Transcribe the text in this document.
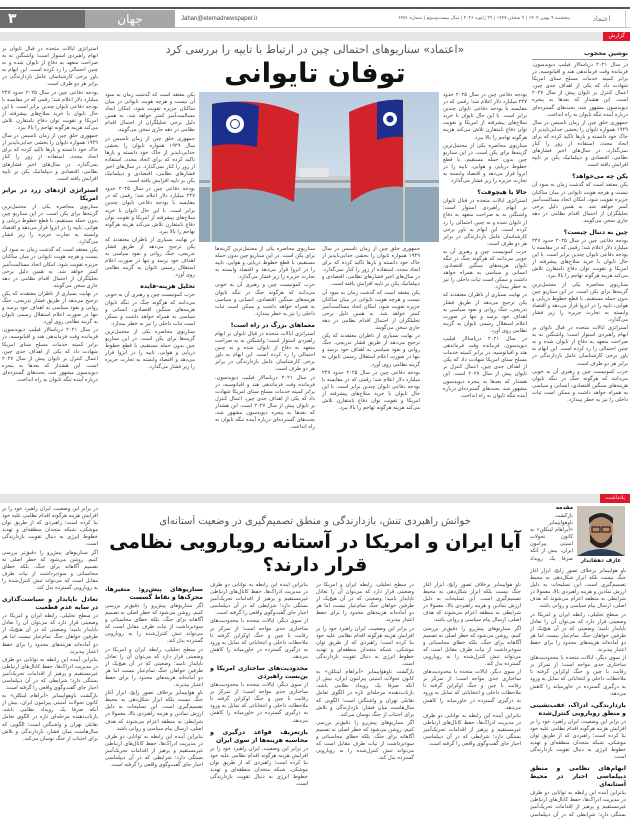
۳	جهان	Jahan@etemadnewspaper.ir	پنجشنبه ۹ بهمن ۱۴۰۴ | ۹ شعبان ۱۴۴۷ | ۲۹ ژانویه ۲۰۲۶ | سال بیست‌وسوم | شماره ۶۴۵۱	اعتماد
گزارش
«اعتماد» سناریوهای احتمالی چین در ارتباط با تایپه را بررسی کرد
توفان تایوانی
نوشین محجوب

در سال ۲۰۲۱ دریاسالار فیلیپ دیویدسون، فرمانده وقت فرماندهی هند و اقیانوسیه، در برابر کمیته خدمات مسلح سنای امریکا شهادت داد که یکی از اهداف جدی چین، اعمال کنترل بر تایوان پیش از سال ۲۰۲۷ است. این هشدار که بعدها به پنجره دیویدسون مشهور شد، بحث‌های گسترده‌ای درباره آینده تنگه تایوان به راه انداخت.

جمهوری خلق چین از زمان تاسیس در سال ۱۹۴۹ همواره تایوان را بخشی جدایی‌ناپذیر از خاک خود دانسته و بارها تاکید کرده که برای اتحاد مجدد، استفاده از زور را کنار نمی‌گذارد. در سال‌های اخیر فشارهای نظامی، اقتصادی و دیپلماتیک پکن بر تایپه افزایش یافته است.

پکن چه می‌خواهد؟

پکن معتقد است که گذشت زمان به سود آن نیست و هرچه هویت تایوانی در میان ساکنان جزیره تقویت شود، امکان اتحاد مسالمت‌آمیز کمتر خواهد شد. به همین دلیل برخی تحلیلگران از احتمال اقدام نظامی در دهه جاری سخن می‌گویند.

چین به دنبال چیست؟

بودجه دفاعی چین در سال ۲۰۲۵ حدود ۲۴۷ میلیارد دلار اعلام شد؛ رقمی که در مقایسه با بودجه دفاعی تایوان چندین برابر است. با این حال تایوان با خرید سلاح‌های پیشرفته از امریکا و تقویت توان دفاع نامتقارن تلاش می‌کند هزینه هرگونه تهاجم را بالا ببرد.

سناریوی محاصره یکی از محتمل‌ترین گزینه‌ها برای پکن است. در این سناریو چین بدون حمله مستقیم، با قطع خطوط دریایی و هوایی، تایپه را در انزوا قرار می‌دهد و اقتصاد وابسته به تجارت جزیره را زیر فشار می‌گذارد.

استراتژی ایالات متحده در قبال تایوان بر ابهام راهبردی استوار است؛ واشنگتن نه به صراحت متعهد به دفاع از تایوان شده و نه چنین احتمالی را رد کرده است. این ابهام به باور برخی کارشناسان عامل بازدارندگی در برابر هر دو طرف است.

حزب کمونیست چین و رهبری آن به خوبی می‌دانند که هرگونه جنگ در تنگه تایوان هزینه‌های سنگین اقتصادی، انسانی و سیاسی به همراه خواهد داشت و ممکن است ثبات داخلی را نیز به خطر بیندازد.

بودجه دفاعی چین در سال ۲۰۲۵ حدود ۲۴۷ میلیارد دلار اعلام شد؛ رقمی که در مقایسه با بودجه دفاعی تایوان چندین برابر است. با این حال تایوان با خرید سلاح‌های پیشرفته از امریکا و تقویت توان دفاع نامتقارن تلاش می‌کند هزینه هرگونه تهاجم را بالا ببرد.

سناریوی محاصره یکی از محتمل‌ترین گزینه‌ها برای پکن است. در این سناریو چین بدون حمله مستقیم، با قطع خطوط دریایی و هوایی، تایپه را در انزوا قرار می‌دهد و اقتصاد وابسته به تجارت جزیره را زیر فشار می‌گذارد.

حالا یا هیچوقت؟

استراتژی ایالات متحده در قبال تایوان بر ابهام راهبردی استوار است؛ واشنگتن نه به صراحت متعهد به دفاع از تایوان شده و نه چنین احتمالی را رد کرده است. این ابهام به باور برخی کارشناسان عامل بازدارندگی در برابر هر دو طرف است.

حزب کمونیست چین و رهبری آن به خوبی می‌دانند که هرگونه جنگ در تنگه تایوان هزینه‌های سنگین اقتصادی، انسانی و سیاسی به همراه خواهد داشت و ممکن است ثبات داخلی را نیز به خطر بیندازد.

در نهایت بسیاری از ناظران معتقدند که پکن ترجیح می‌دهد از طریق فشار تدریجی، جنگ روانی و نفوذ سیاسی به اهداف خود برسد و تنها در صورت اعلام استقلال رسمی تایوان به گزینه نظامی روی آورد.

در سال ۲۰۲۱ دریاسالار فیلیپ دیویدسون، فرمانده وقت فرماندهی هند و اقیانوسیه، در برابر کمیته خدمات مسلح سنای امریکا شهادت داد که یکی از اهداف جدی چین، اعمال کنترل بر تایوان پیش از سال ۲۰۲۷ است. این هشدار که بعدها به پنجره دیویدسون مشهور شد، بحث‌های گسترده‌ای درباره آینده تنگه تایوان به راه انداخت.

جمهوری خلق چین از زمان تاسیس در سال ۱۹۴۹ همواره تایوان را بخشی جدایی‌ناپذیر از خاک خود دانسته و بارها تاکید کرده که برای اتحاد مجدد، استفاده از زور را کنار نمی‌گذارد. در سال‌های اخیر فشارهای نظامی، اقتصادی و دیپلماتیک پکن بر تایپه افزایش یافته است.

پکن معتقد است که گذشت زمان به سود آن نیست و هرچه هویت تایوانی در میان ساکنان جزیره تقویت شود، امکان اتحاد مسالمت‌آمیز کمتر خواهد شد. به همین دلیل برخی تحلیلگران از احتمال اقدام نظامی در دهه جاری سخن می‌گویند.

در نهایت بسیاری از ناظران معتقدند که پکن ترجیح می‌دهد از طریق فشار تدریجی، جنگ روانی و نفوذ سیاسی به اهداف خود برسد و تنها در صورت اعلام استقلال رسمی تایوان به گزینه نظامی روی آورد.

بودجه دفاعی چین در سال ۲۰۲۵ حدود ۲۴۷ میلیارد دلار اعلام شد؛ رقمی که در مقایسه با بودجه دفاعی تایوان چندین برابر است. با این حال تایوان با خرید سلاح‌های پیشرفته از امریکا و تقویت توان دفاع نامتقارن تلاش می‌کند هزینه هرگونه تهاجم را بالا ببرد.

سناریوی محاصره یکی از محتمل‌ترین گزینه‌ها برای پکن است. در این سناریو چین بدون حمله مستقیم، با قطع خطوط دریایی و هوایی، تایپه را در انزوا قرار می‌دهد و اقتصاد وابسته به تجارت جزیره را زیر فشار می‌گذارد.

حزب کمونیست چین و رهبری آن به خوبی می‌دانند که هرگونه جنگ در تنگه تایوان هزینه‌های سنگین اقتصادی، انسانی و سیاسی به همراه خواهد داشت و ممکن است ثبات داخلی را نیز به خطر بیندازد.

معماهای بزرگ در راه است!

استراتژی ایالات متحده در قبال تایوان بر ابهام راهبردی استوار است؛ واشنگتن نه به صراحت متعهد به دفاع از تایوان شده و نه چنین احتمالی را رد کرده است. این ابهام به باور برخی کارشناسان عامل بازدارندگی در برابر هر دو طرف است.

در سال ۲۰۲۱ دریاسالار فیلیپ دیویدسون، فرمانده وقت فرماندهی هند و اقیانوسیه، در برابر کمیته خدمات مسلح سنای امریکا شهادت داد که یکی از اهداف جدی چین، اعمال کنترل بر تایوان پیش از سال ۲۰۲۷ است. این هشدار که بعدها به پنجره دیویدسون مشهور شد، بحث‌های گسترده‌ای درباره آینده تنگه تایوان به راه انداخت.

پکن معتقد است که گذشت زمان به سود آن نیست و هرچه هویت تایوانی در میان ساکنان جزیره تقویت شود، امکان اتحاد مسالمت‌آمیز کمتر خواهد شد. به همین دلیل برخی تحلیلگران از احتمال اقدام نظامی در دهه جاری سخن می‌گویند.

جمهوری خلق چین از زمان تاسیس در سال ۱۹۴۹ همواره تایوان را بخشی جدایی‌ناپذیر از خاک خود دانسته و بارها تاکید کرده که برای اتحاد مجدد، استفاده از زور را کنار نمی‌گذارد. در سال‌های اخیر فشارهای نظامی، اقتصادی و دیپلماتیک پکن بر تایپه افزایش یافته است.

بودجه دفاعی چین در سال ۲۰۲۵ حدود ۲۴۷ میلیارد دلار اعلام شد؛ رقمی که در مقایسه با بودجه دفاعی تایوان چندین برابر است. با این حال تایوان با خرید سلاح‌های پیشرفته از امریکا و تقویت توان دفاع نامتقارن تلاش می‌کند هزینه هرگونه تهاجم را بالا ببرد.

در نهایت بسیاری از ناظران معتقدند که پکن ترجیح می‌دهد از طریق فشار تدریجی، جنگ روانی و نفوذ سیاسی به اهداف خود برسد و تنها در صورت اعلام استقلال رسمی تایوان به گزینه نظامی روی آورد.

تحلیل هزینه-فایده

حزب کمونیست چین و رهبری آن به خوبی می‌دانند که هرگونه جنگ در تنگه تایوان هزینه‌های سنگین اقتصادی، انسانی و سیاسی به همراه خواهد داشت و ممکن است ثبات داخلی را نیز به خطر بیندازد.

سناریوی محاصره یکی از محتمل‌ترین گزینه‌ها برای پکن است. در این سناریو چین بدون حمله مستقیم، با قطع خطوط دریایی و هوایی، تایپه را در انزوا قرار می‌دهد و اقتصاد وابسته به تجارت جزیره را زیر فشار می‌گذارد.

استراتژی ایالات متحده در قبال تایوان بر ابهام راهبردی استوار است؛ واشنگتن نه به صراحت متعهد به دفاع از تایوان شده و نه چنین احتمالی را رد کرده است. این ابهام به باور برخی کارشناسان عامل بازدارندگی در برابر هر دو طرف است.

بودجه دفاعی چین در سال ۲۰۲۵ حدود ۲۴۷ میلیارد دلار اعلام شد؛ رقمی که در مقایسه با بودجه دفاعی تایوان چندین برابر است. با این حال تایوان با خرید سلاح‌های پیشرفته از امریکا و تقویت توان دفاع نامتقارن تلاش می‌کند هزینه هرگونه تهاجم را بالا ببرد.

جمهوری خلق چین از زمان تاسیس در سال ۱۹۴۹ همواره تایوان را بخشی جدایی‌ناپذیر از خاک خود دانسته و بارها تاکید کرده که برای اتحاد مجدد، استفاده از زور را کنار نمی‌گذارد. در سال‌های اخیر فشارهای نظامی، اقتصادی و دیپلماتیک پکن بر تایپه افزایش یافته است.

استراتژی اژدهای زرد در برابر امریکا

سناریوی محاصره یکی از محتمل‌ترین گزینه‌ها برای پکن است. در این سناریو چین بدون حمله مستقیم، با قطع خطوط دریایی و هوایی، تایپه را در انزوا قرار می‌دهد و اقتصاد وابسته به تجارت جزیره را زیر فشار می‌گذارد.

پکن معتقد است که گذشت زمان به سود آن نیست و هرچه هویت تایوانی در میان ساکنان جزیره تقویت شود، امکان اتحاد مسالمت‌آمیز کمتر خواهد شد. به همین دلیل برخی تحلیلگران از احتمال اقدام نظامی در دهه جاری سخن می‌گویند.

در نهایت بسیاری از ناظران معتقدند که پکن ترجیح می‌دهد از طریق فشار تدریجی، جنگ روانی و نفوذ سیاسی به اهداف خود برسد و تنها در صورت اعلام استقلال رسمی تایوان به گزینه نظامی روی آورد.

در سال ۲۰۲۱ دریاسالار فیلیپ دیویدسون، فرمانده وقت فرماندهی هند و اقیانوسیه، در برابر کمیته خدمات مسلح سنای امریکا شهادت داد که یکی از اهداف جدی چین، اعمال کنترل بر تایوان پیش از سال ۲۰۲۷ است. این هشدار که بعدها به پنجره دیویدسون مشهور شد، بحث‌های گسترده‌ای درباره آینده تنگه تایوان به راه انداخت.

یادداشت
عارف دهقاندار
مقدمه

بازگشت ناوهواپیمابر «آبراهام لینکلن» به کانون تحولات امنیتی پیرامون ایران، بیش از آنکه صرفا یک رویداد

خوانش راهبردی تنش، بازدارندگی و منطق تصمیم‌گیری در وضعیت آستانه‌ای
آیا ایران و امریکا در آستانه رویارویی نظامی قرار دارند؟	ناو هواپیمابر برخلاف تصور رایج، ابزار آغاز جنگ نیست بلکه ابزار شکل‌دهی به محیط تصمیم‌گیری است. این تسلیحات به دلیل ارزش نمادین و هزینه راهبردی بالا، معمولا در شرایطی به منطقه اعزام می‌شوند که هدف اصلی، ارسال پیام سیاسی و روانی باشد.

در سطح تحلیلی، رابطه ایران و امریکا در وضعیتی قرار دارد که می‌توان آن را تعادل ناپایدار نامید؛ وضعیتی که در آن هیچ‌یک از طرفین خواهان جنگ تمام‌عیار نیست اما هر دو آماده‌اند هزینه‌های محدود را برای حفظ اعتبار بپذیرند.

از سوی دیگر، ایالات متحده با محدودیت‌های ساختاری جدی مواجه است؛ از تمرکز بر رقابت با چین و جنگ اوکراین گرفته تا ملاحظات داخلی و انتخاباتی که تمایل به ورود به درگیری گسترده در خاورمیانه را کاهش می‌دهد.

بازدارندگی، ادراک، عقب‌نشینی و منطق رویارویی کنترل‌شده

در برابر این وضعیت، ایران راهبرد خود را بر افزایش هزینه هرگونه اقدام نظامی علیه خود بنا کرده است؛ راهبردی که از طریق توان موشکی، شبکه متحدان منطقه‌ای و تهدید خطوط انرژی به دنبال تقویت بازدارندگی است.

ابهام‌های نظامی و منطق دیپلماسی اجبار در محیط آستانه‌ای

بنابراین آینده این رابطه به توانایی دو طرف در مدیریت ادراک‌ها، حفظ کانال‌های ارتباطی غیرمستقیم و پرهیز از اقدامات تحریک‌آمیز بستگی دارد؛ شرایطی که در آن دیپلماسی

ناو هواپیمابر برخلاف تصور رایج، ابزار آغاز جنگ نیست بلکه ابزار شکل‌دهی به محیط تصمیم‌گیری است. این تسلیحات به دلیل ارزش نمادین و هزینه راهبردی بالا، معمولا در شرایطی به منطقه اعزام می‌شوند که هدف اصلی، ارسال پیام سیاسی و روانی باشد.

اگر سناریوهای پیش‌رو را دقیق‌تر بررسی کنیم، روشن می‌شود که خطر اصلی نه تصمیم آگاهانه برای جنگ، بلکه خطای محاسباتی و سوءبرداشت از نیات طرف مقابل است که می‌تواند تنش کنترل‌شده را به رویارویی گسترده بدل کند.

از سوی دیگر، ایالات متحده با محدودیت‌های ساختاری جدی مواجه است؛ از تمرکز بر رقابت با چین و جنگ اوکراین گرفته تا ملاحظات داخلی و انتخاباتی که تمایل به ورود به درگیری گسترده در خاورمیانه را کاهش می‌دهد.

بنابراین آینده این رابطه به توانایی دو طرف در مدیریت ادراک‌ها، حفظ کانال‌های ارتباطی غیرمستقیم و پرهیز از اقدامات تحریک‌آمیز بستگی دارد؛ شرایطی که در آن دیپلماسی اجبار جای گفت‌وگوی واقعی را گرفته است.

در سطح تحلیلی، رابطه ایران و امریکا در وضعیتی قرار دارد که می‌توان آن را تعادل ناپایدار نامید؛ وضعیتی که در آن هیچ‌یک از طرفین خواهان جنگ تمام‌عیار نیست اما هر دو آماده‌اند هزینه‌های محدود را برای حفظ اعتبار بپذیرند.

در برابر این وضعیت، ایران راهبرد خود را بر افزایش هزینه هرگونه اقدام نظامی علیه خود بنا کرده است؛ راهبردی که از طریق توان موشکی، شبکه متحدان منطقه‌ای و تهدید خطوط انرژی به دنبال تقویت بازدارندگی است.

بازگشت ناوهواپیمابر «آبراهام لینکلن» به کانون تحولات امنیتی پیرامون ایران، بیش از آنکه صرفا یک رویداد نظامی باشد، بازتاب‌دهنده مرحله‌ای تازه در الگوی تعامل تقابلی تهران و واشنگتن است؛ الگویی که سال‌هاست میان فشار، بازدارندگی و تلاش برای اجتناب از جنگ نوسان می‌کند.

اگر سناریوهای پیش‌رو را دقیق‌تر بررسی کنیم، روشن می‌شود که خطر اصلی نه تصمیم آگاهانه برای جنگ، بلکه خطای محاسباتی و سوءبرداشت از نیات طرف مقابل است که می‌تواند تنش کنترل‌شده را به رویارویی گسترده بدل کند.

بنابراین آینده این رابطه به توانایی دو طرف در مدیریت ادراک‌ها، حفظ کانال‌های ارتباطی غیرمستقیم و پرهیز از اقدامات تحریک‌آمیز بستگی دارد؛ شرایطی که در آن دیپلماسی اجبار جای گفت‌وگوی واقعی را گرفته است.

از سوی دیگر، ایالات متحده با محدودیت‌های ساختاری جدی مواجه است؛ از تمرکز بر رقابت با چین و جنگ اوکراین گرفته تا ملاحظات داخلی و انتخاباتی که تمایل به ورود به درگیری گسترده در خاورمیانه را کاهش می‌دهد.

محدودیت‌های ساختاری امریکا و بن‌بست راهبردی

از سوی دیگر، ایالات متحده با محدودیت‌های ساختاری جدی مواجه است؛ از تمرکز بر رقابت با چین و جنگ اوکراین گرفته تا ملاحظات داخلی و انتخاباتی که تمایل به ورود به درگیری گسترده در خاورمیانه را کاهش می‌دهد.

بازتعریف قواعد درگیری و محاسبه هزینه‌ها از سوی ایران

در برابر این وضعیت، ایران راهبرد خود را بر افزایش هزینه هرگونه اقدام نظامی علیه خود بنا کرده است؛ راهبردی که از طریق توان موشکی، شبکه متحدان منطقه‌ای و تهدید خطوط انرژی به دنبال تقویت بازدارندگی است.

سناریوهای پیش‌رو: متغیرها، محرک‌ها و نقاط گسست

اگر سناریوهای پیش‌رو را دقیق‌تر بررسی کنیم، روشن می‌شود که خطر اصلی نه تصمیم آگاهانه برای جنگ، بلکه خطای محاسباتی و سوءبرداشت از نیات طرف مقابل است که می‌تواند تنش کنترل‌شده را به رویارویی گسترده بدل کند.

در سطح تحلیلی، رابطه ایران و امریکا در وضعیتی قرار دارد که می‌توان آن را تعادل ناپایدار نامید؛ وضعیتی که در آن هیچ‌یک از طرفین خواهان جنگ تمام‌عیار نیست اما هر دو آماده‌اند هزینه‌های محدود را برای حفظ اعتبار بپذیرند.

ناو هواپیمابر برخلاف تصور رایج، ابزار آغاز جنگ نیست بلکه ابزار شکل‌دهی به محیط تصمیم‌گیری است. این تسلیحات به دلیل ارزش نمادین و هزینه راهبردی بالا، معمولا در شرایطی به منطقه اعزام می‌شوند که هدف اصلی، ارسال پیام سیاسی و روانی باشد.

بنابراین آینده این رابطه به توانایی دو طرف در مدیریت ادراک‌ها، حفظ کانال‌های ارتباطی غیرمستقیم و پرهیز از اقدامات تحریک‌آمیز بستگی دارد؛ شرایطی که در آن دیپلماسی اجبار جای گفت‌وگوی واقعی را گرفته است.

در برابر این وضعیت، ایران راهبرد خود را بر افزایش هزینه هرگونه اقدام نظامی علیه خود بنا کرده است؛ راهبردی که از طریق توان موشکی، شبکه متحدان منطقه‌ای و تهدید خطوط انرژی به دنبال تقویت بازدارندگی است.

اگر سناریوهای پیش‌رو را دقیق‌تر بررسی کنیم، روشن می‌شود که خطر اصلی نه تصمیم آگاهانه برای جنگ، بلکه خطای محاسباتی و سوءبرداشت از نیات طرف مقابل است که می‌تواند تنش کنترل‌شده را به رویارویی گسترده بدل کند.

تعادل ناپایدار و سیاست‌گذاری در سایه عدم قطعیت

در سطح تحلیلی، رابطه ایران و امریکا در وضعیتی قرار دارد که می‌توان آن را تعادل ناپایدار نامید؛ وضعیتی که در آن هیچ‌یک از طرفین خواهان جنگ تمام‌عیار نیست اما هر دو آماده‌اند هزینه‌های محدود را برای حفظ اعتبار بپذیرند.

بنابراین آینده این رابطه به توانایی دو طرف در مدیریت ادراک‌ها، حفظ کانال‌های ارتباطی غیرمستقیم و پرهیز از اقدامات تحریک‌آمیز بستگی دارد؛ شرایطی که در آن دیپلماسی اجبار جای گفت‌وگوی واقعی را گرفته است.

بازگشت ناوهواپیمابر «آبراهام لینکلن» به کانون تحولات امنیتی پیرامون ایران، بیش از آنکه صرفا یک رویداد نظامی باشد، بازتاب‌دهنده مرحله‌ای تازه در الگوی تعامل تقابلی تهران و واشنگتن است؛ الگویی که سال‌هاست میان فشار، بازدارندگی و تلاش برای اجتناب از جنگ نوسان می‌کند.
